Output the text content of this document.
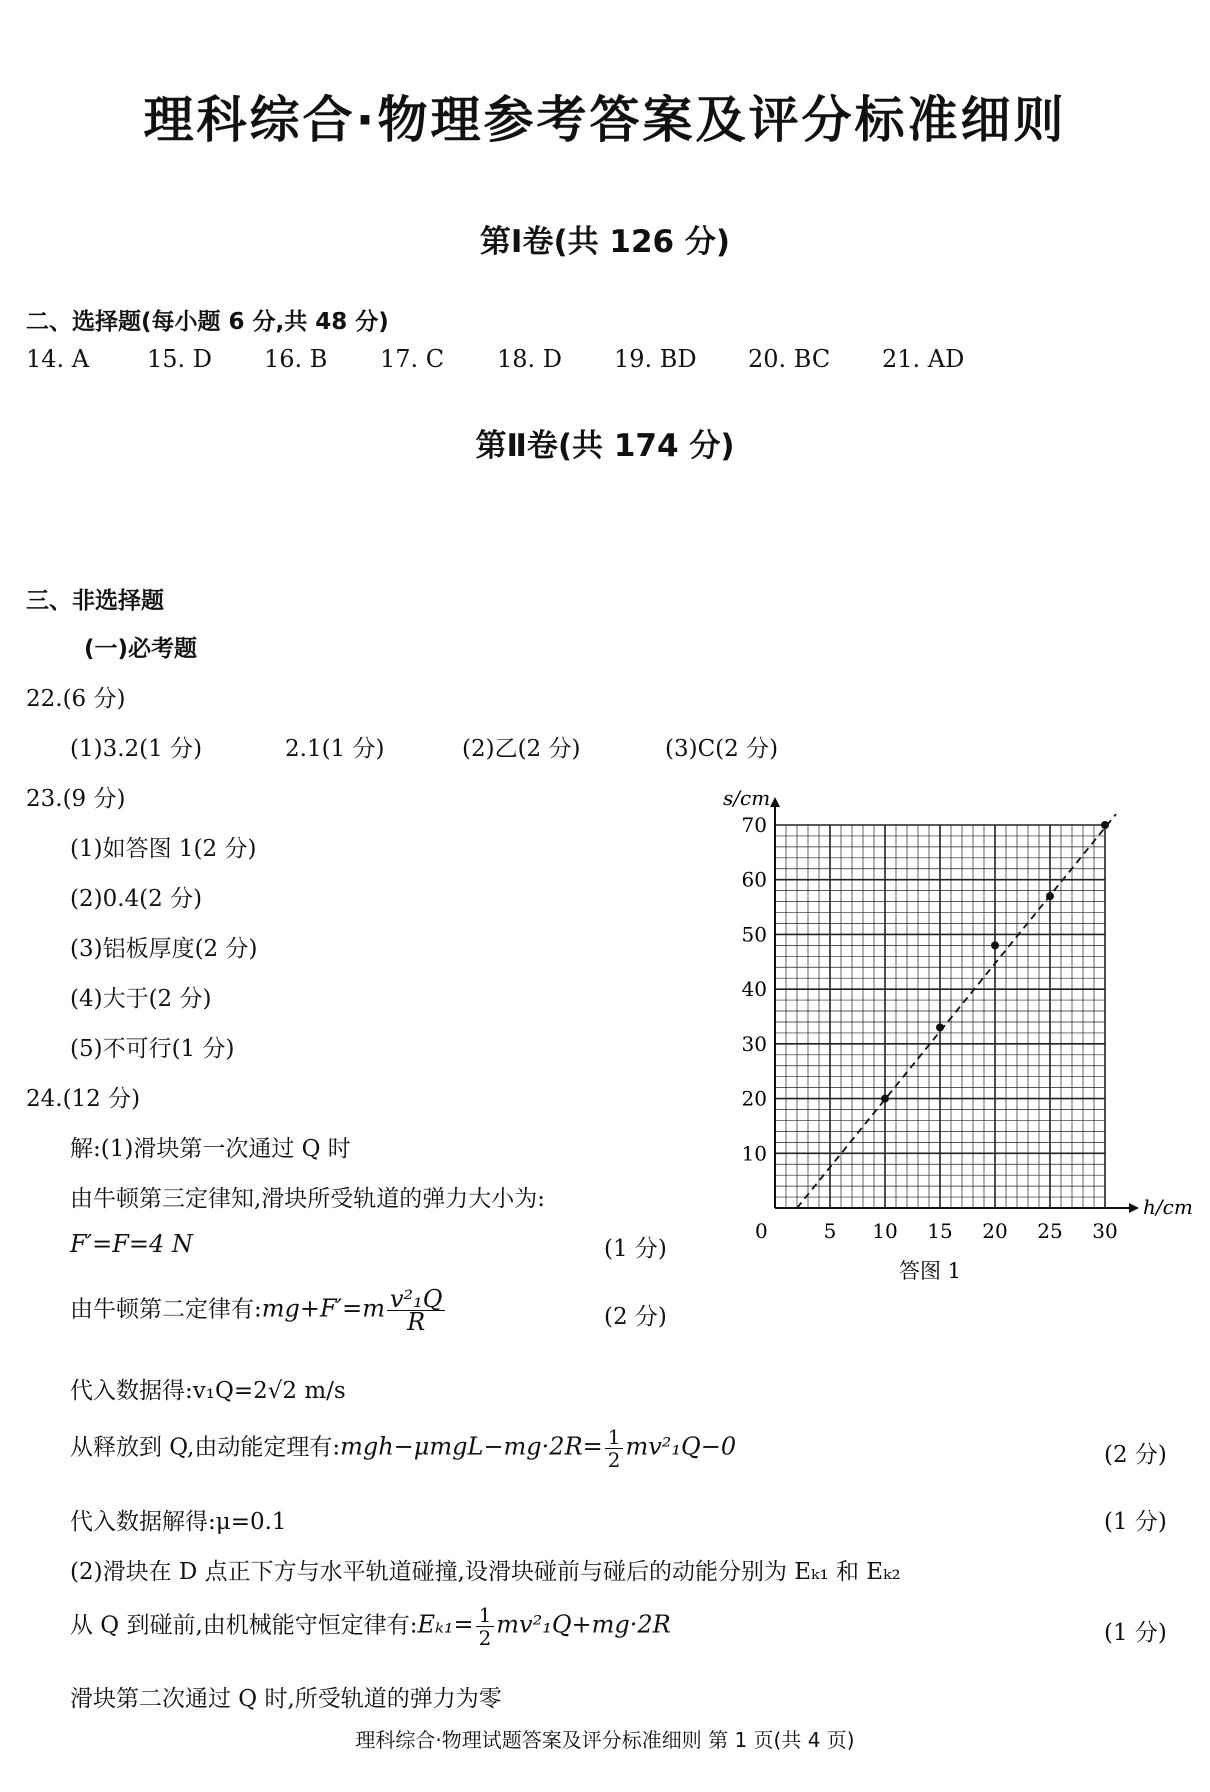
理科综合·物理参考答案及评分标准细则
第Ⅰ卷(共 126 分)
二、选择题(每小题 6 分,共 48 分)
14. A 15. D 16. B 17. C 18. D 19. BD 20. BC 21. AD
第Ⅱ卷(共 174 分)
三、非选择题
(一)必考题
22.(6 分)
(1)3.2(1 分)	2.1(1 分)	(2)乙(2 分)	(3)C(2 分)
23.(9 分)
(1)如答图 1(2 分)
(2)0.4(2 分)
(3)铝板厚度(2 分)
(4)大于(2 分)
(5)不可行(1 分)
24.(12 分)
解:(1)滑块第一次通过 Q 时
由牛顿第三定律知,滑块所受轨道的弹力大小为:
F′=F=4 N	(1 分)
由牛顿第二定律有:mg+F′=m $\frac{\text{v²₁Q}}{R}$	(2 分)
代入数据得:v₁Q=2√2 m/s
从释放到 Q,由动能定理有:mgh−μmgL−mg·2R= $\frac{1}{2} mv^2_1Q-0$	(2 分)
代入数据解得:μ=0.1	(1 分)
(2)滑块在 D 点正下方与水平轨道碰撞,设滑块碰前与碰后的动能分别为 Eₖ₁ 和 Eₖ₂
从 Q 到碰前,由机械能守恒定律有:Eₖ₁= $\frac{1}{2} mv^2_1Q+mg\cdot 2R$	(1 分)
滑块第二次通过 Q 时,所受轨道的弹力为零
5 10 15 20 25 30
10
20
30
40
50
60
70
h/cm
s/cm
0
答图 1
理科综合·物理试题答案及评分标准细则 第 1 页(共 4 页)
